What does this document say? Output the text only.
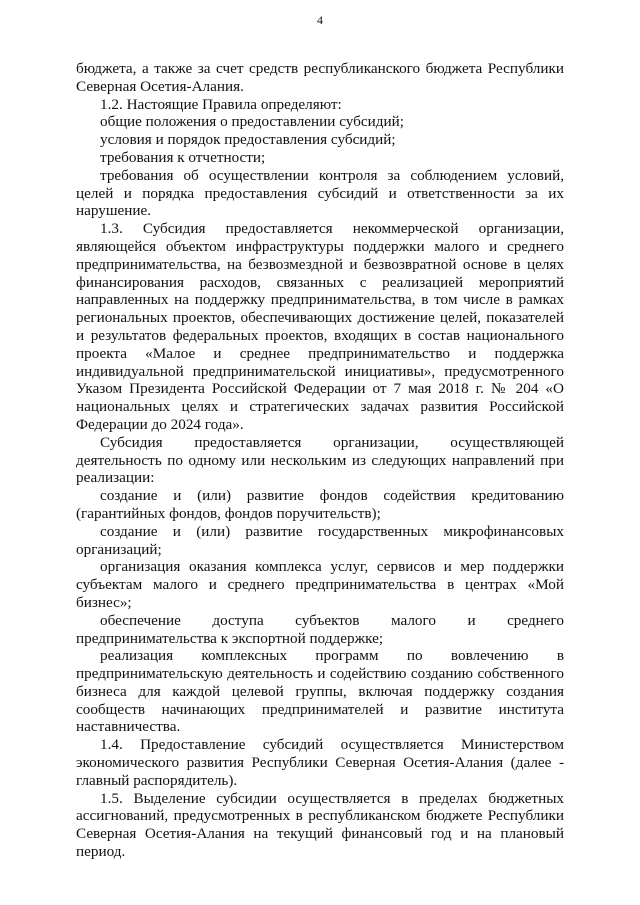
4

бюджета, а также за счет средств республиканского бюджета Республики Северная Осетия-Алания.

1.2. Настоящие Правила определяют:

общие положения о предоставлении субсидий;

условия и порядок предоставления субсидий;

требования к отчетности;

требования об осуществлении контроля за соблюдением условий, целей и порядка предоставления субсидий и ответственности за их нарушение.

1.3. Субсидия предоставляется некоммерческой организации, являющейся объектом инфраструктуры поддержки малого и среднего предпринимательства, на безвозмездной и безвозвратной основе в целях финансирования расходов, связанных с реализацией мероприятий направленных на поддержку предпринимательства, в том числе в рамках региональных проектов, обеспечивающих достижение целей, показателей и результатов федеральных проектов, входящих в состав национального проекта «Малое и среднее предпринимательство и поддержка индивидуальной предпринимательской инициативы», предусмотренного Указом Президента Российской Федерации от 7 мая 2018 г. № 204 «О национальных целях и стратегических задачах развития Российской Федерации до 2024 года».

Субсидия предоставляется организации, осуществляющей деятельность по одному или нескольким из следующих направлений при реализации:

создание и (или) развитие фондов содействия кредитованию (гарантийных фондов, фондов поручительств);

создание и (или) развитие государственных микрофинансовых организаций;

организация оказания комплекса услуг, сервисов и мер поддержки субъектам малого и среднего предпринимательства в центрах «Мой бизнес»;

обеспечение доступа субъектов малого и среднего предпринимательства к экспортной поддержке;

реализация комплексных программ по вовлечению в предпринимательскую деятельность и содействию созданию собственного бизнеса для каждой целевой группы, включая поддержку создания сообществ начинающих предпринимателей и развитие института наставничества.

1.4. Предоставление субсидий осуществляется Министерством экономического развития Республики Северная Осетия-Алания (далее - главный распорядитель).

1.5. Выделение субсидии осуществляется в пределах бюджетных ассигнований, предусмотренных в республиканском бюджете Республики Северная Осетия-Алания на текущий финансовый год и на плановый период.
